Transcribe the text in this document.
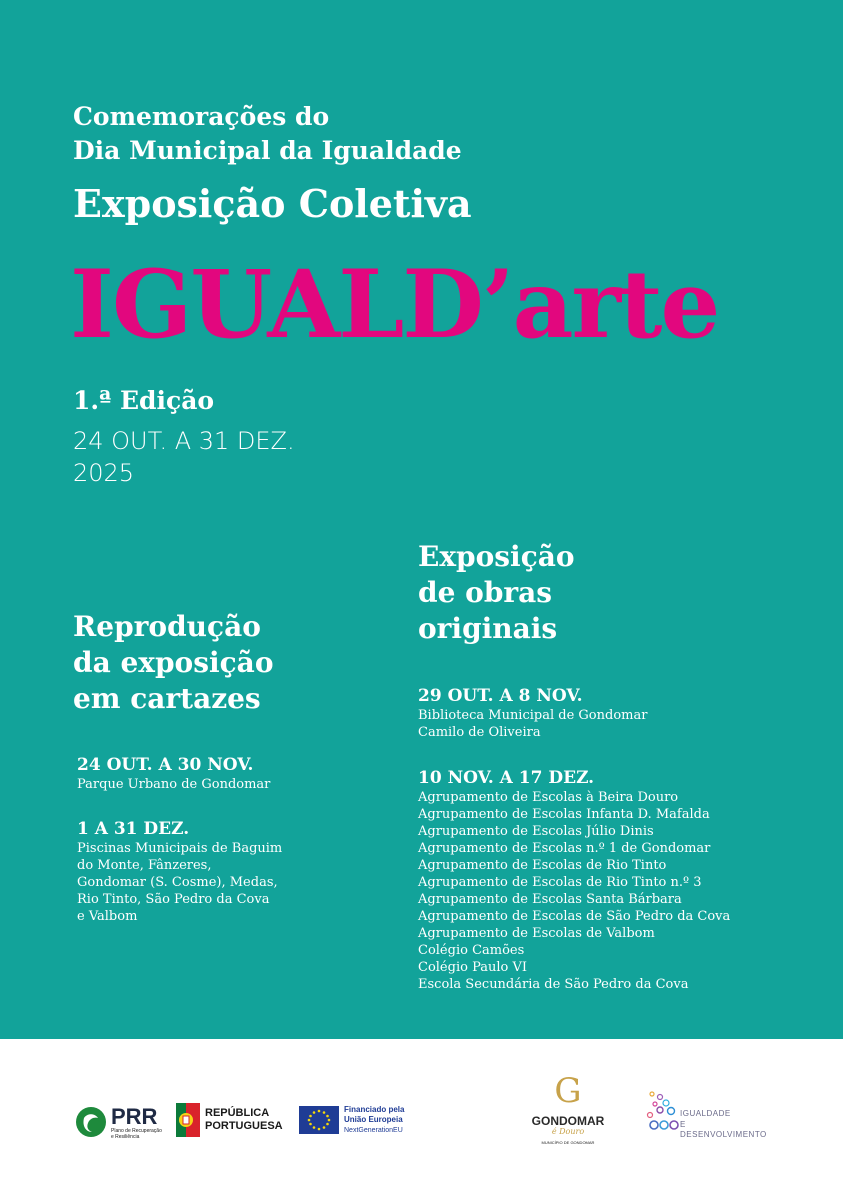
Comemorações do
Dia Municipal da Igualdade
Exposição Coletiva
IGUALD’arte
1.ª Edição
24 OUT. A 31 DEZ.
2025
Reprodução
da exposição
em cartazes
24 OUT. A 30 NOV.
Parque Urbano de Gondomar
1 A 31 DEZ.
Piscinas Municipais de Baguim
do Monte, Fânzeres,
Gondomar (S. Cosme), Medas,
Rio Tinto, São Pedro da Cova
e Valbom
Exposição
de obras
originais
29 OUT. A 8 NOV.
Biblioteca Municipal de Gondomar
Camilo de Oliveira
10 NOV. A 17 DEZ.
Agrupamento de Escolas à Beira Douro
Agrupamento de Escolas Infanta D. Mafalda
Agrupamento de Escolas Júlio Dinis
Agrupamento de Escolas n.º 1 de Gondomar
Agrupamento de Escolas de Rio Tinto
Agrupamento de Escolas de Rio Tinto n.º 3
Agrupamento de Escolas Santa Bárbara
Agrupamento de Escolas de São Pedro da Cova
Agrupamento de Escolas de Valbom
Colégio Camões
Colégio Paulo VI
Escola Secundária de São Pedro da Cova
PRR
Plano de Recuperação
e Resiliência
REPÚBLICA
PORTUGUESA
Financiado pela
União Europeia
NextGenerationEU
G
GONDOMAR
é Douro
MUNICÍPIO DE GONDOMAR
IGUALDADE
E DESENVOLVIMENTO
